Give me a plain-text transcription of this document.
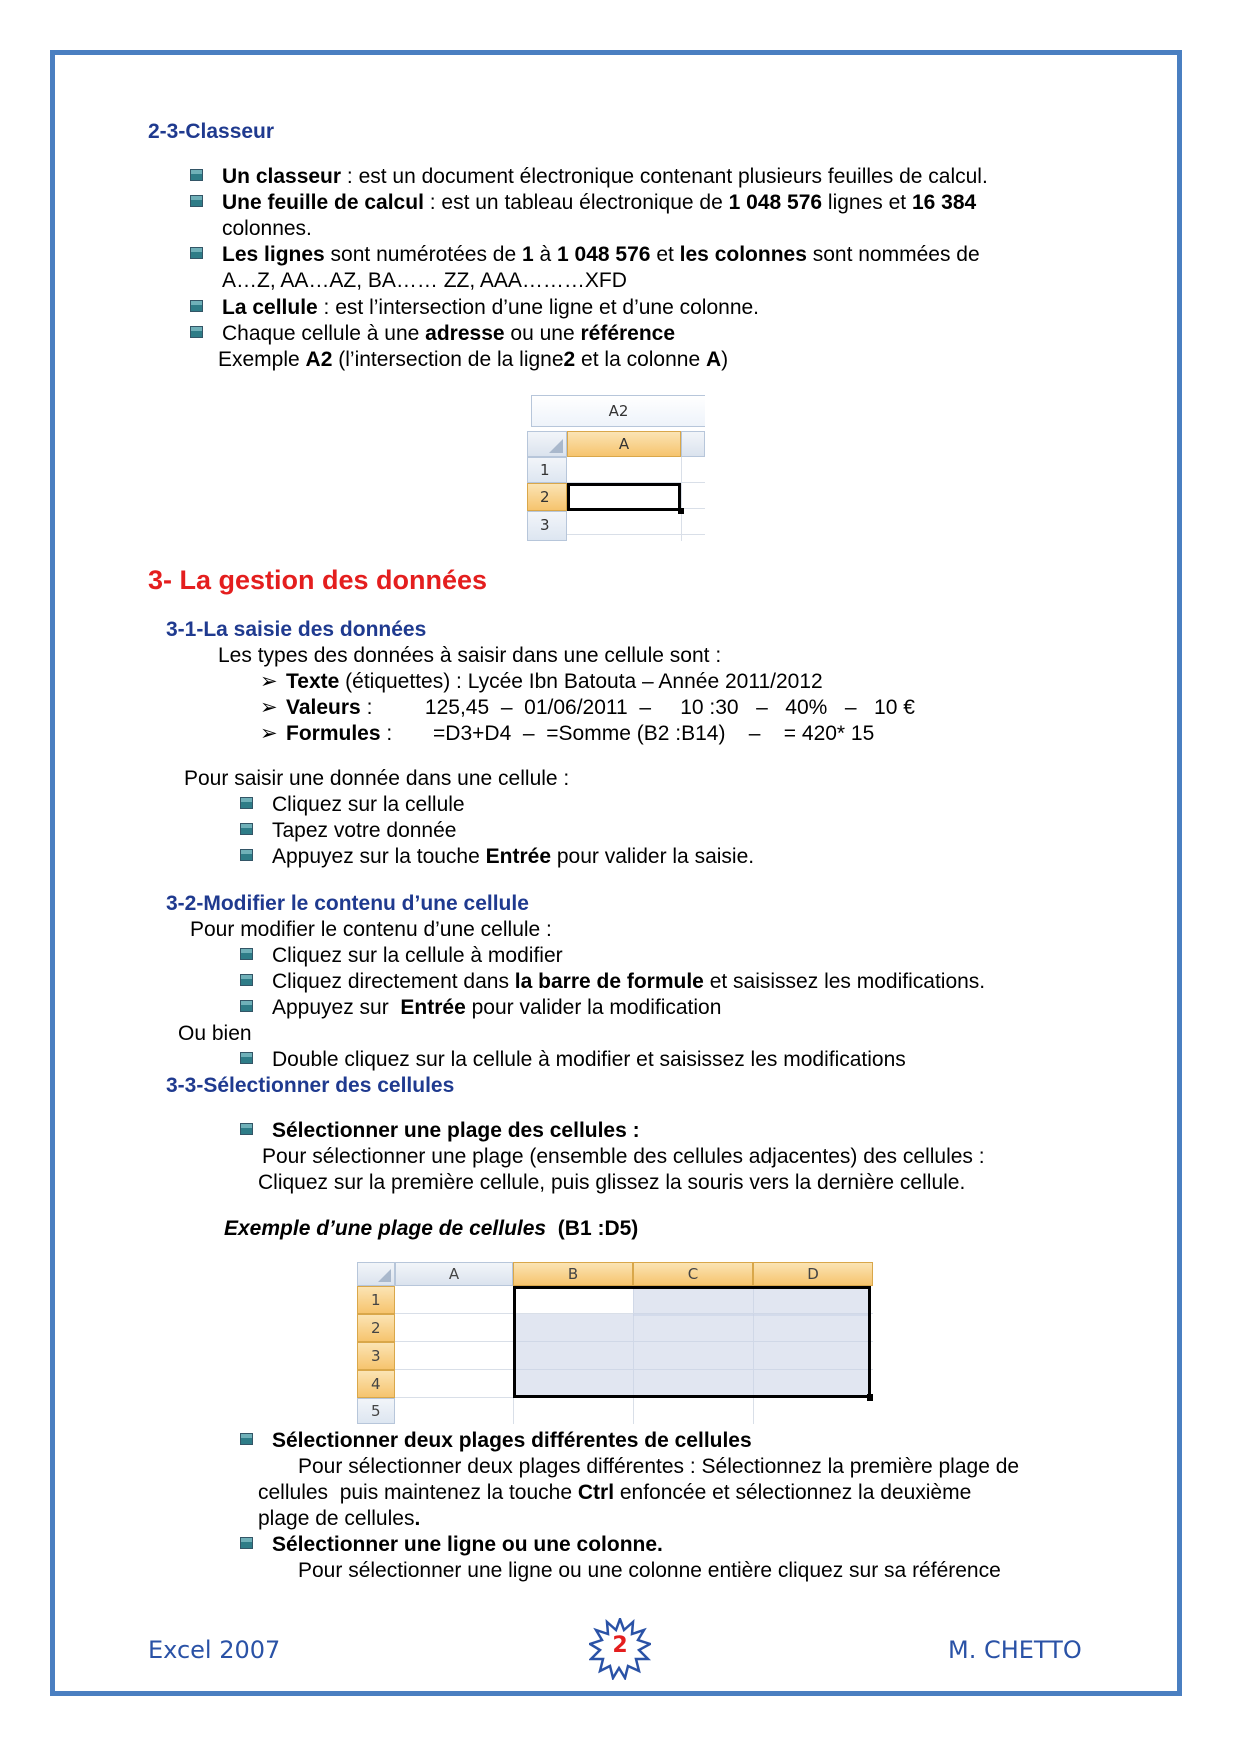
2-3-Classeur
Un classeur : est un document électronique contenant plusieurs feuilles de calcul.
Une feuille de calcul : est un tableau électronique de 1 048 576 lignes et 16 384
colonnes.
Les lignes sont numérotées de 1 à 1 048 576 et les colonnes sont nommées de
A…Z, AA…AZ, BA…… ZZ, AAA………XFD
La cellule : est l’intersection d’une ligne et d’une colonne.
Chaque cellule à une adresse ou une référence
Exemple A2 (l’intersection de la ligne2 et la colonne A)
A2
A
1
2
3
3- La gestion des données
3-1-La saisie des données
Les types des données à saisir dans une cellule sont :
➢ Texte (étiquettes) : Lycée Ibn Batouta – Année 2011/2012
➢ Valeurs :         125,45  –  01/06/2011  –     10 :30   –   40%   –   10 €
➢ Formules :       =D3+D4  –  =Somme (B2 :B14)    –    = 420* 15
Pour saisir une donnée dans une cellule :
Cliquez sur la cellule
Tapez votre donnée
Appuyez sur la touche Entrée pour valider la saisie.
3-2-Modifier le contenu d’une cellule
Pour modifier le contenu d’une cellule :
Cliquez sur la cellule à modifier
Cliquez directement dans la barre de formule et saisissez les modifications.
Appuyez sur  Entrée pour valider la modification
Ou bien
Double cliquez sur la cellule à modifier et saisissez les modifications
3-3-Sélectionner des cellules
Sélectionner une plage des cellules :
Pour sélectionner une plage (ensemble des cellules adjacentes) des cellules :
Cliquez sur la première cellule, puis glissez la souris vers la dernière cellule.
Exemple d’une plage de cellules  (B1 :D5)
A	B	C	D
1
2
3
4
5
Sélectionner deux plages différentes de cellules
Pour sélectionner deux plages différentes : Sélectionnez la première plage de
cellules  puis maintenez la touche Ctrl enfoncée et sélectionnez la deuxième
plage de cellules.
Sélectionner une ligne ou une colonne.
Pour sélectionner une ligne ou une colonne entière cliquez sur sa référence
Excel 2007	2	M. CHETTO
